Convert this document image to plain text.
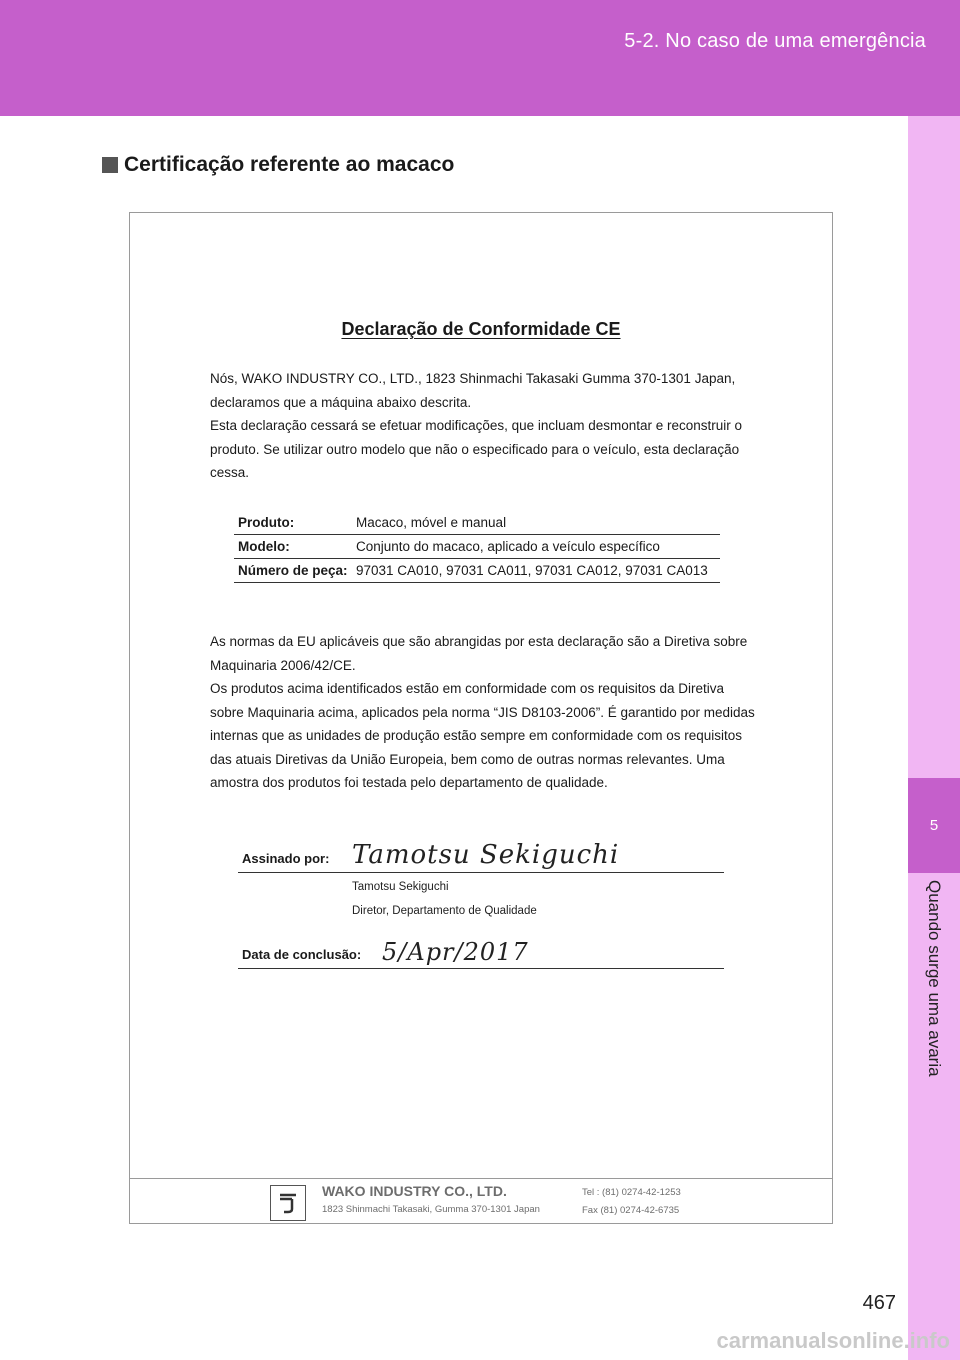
5-2. No caso de uma emergência
5
Quando surge uma avaria
Certificação referente ao macaco
Declaração de Conformidade CE

Nós, WAKO INDUSTRY CO., LTD., 1823 Shinmachi Takasaki Gumma 370-1301 Japan, declaramos que a máquina abaixo descrita.

Esta declaração cessará se efetuar modificações, que incluam desmontar e reconstruir o produto. Se utilizar outro modelo que não o especificado para o veículo, esta declaração cessa.

Produto:	Macaco, móvel e manual
Modelo:	Conjunto do macaco, aplicado a veículo específico
Número de peça:	97031 CA010, 97031 CA011, 97031 CA012, 97031 CA013

As normas da EU aplicáveis que são abrangidas por esta declaração são a Diretiva sobre Maquinaria 2006/42/CE.

Os produtos acima identificados estão em conformidade com os requisitos da Diretiva sobre Maquinaria acima, aplicados pela norma “JIS D8103-2006”. É garantido por medidas internas que as unidades de produção estão sempre em conformidade com os requisitos das atuais Diretivas da União Europeia, bem como de outras normas relevantes. Uma amostra dos produtos foi testada pelo departamento de qualidade.

Assinado por: Tamotsu Sekiguchi
Tamotsu Sekiguchi
Diretor, Departamento de Qualidade
Data de conclusão: 5/Apr/2017
WAKO INDUSTRY CO., LTD.
1823 Shinmachi Takasaki, Gumma 370-1301 Japan
Tel : (81) 0274-42-1253
Fax (81) 0274-42-6735
467
carmanualsonline.info
